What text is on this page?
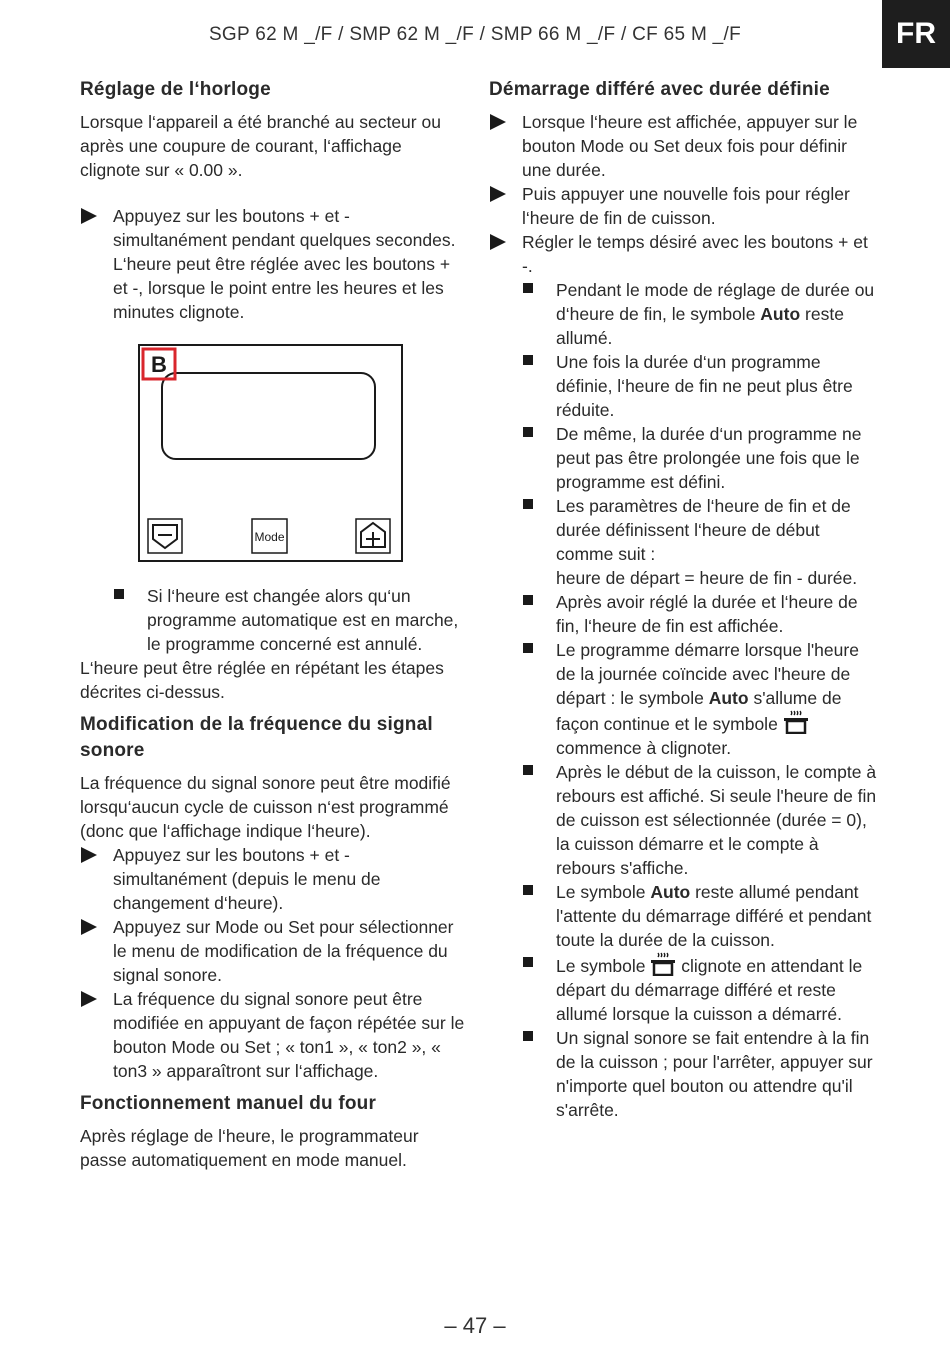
SGP 62 M _/F / SMP 62 M _/F / SMP 66 M _/F / CF 65 M _/F	FR
Réglage de l‘horloge

Lorsque l‘appareil a été branché au secteur ou après une coupure de courant, l‘affichage clignote sur « 0.00 ».

Appuyez sur les boutons + et - simultanément pendant quelques secondes. L‘heure peut être réglée avec les boutons + et -, lorsque le point entre les heures et les minutes clignote.
B
Mode
Si l‘heure est changée alors qu‘un programme automatique est en marche, le programme concerné est annulé.

L‘heure peut être réglée en répétant les étapes décrites ci-dessus.

Modification de la fréquence du signal sonore

La fréquence du signal sonore peut être modifié lorsqu‘aucun cycle de cuisson n‘est programmé (donc que l‘affichage indique l‘heure).

Appuyez sur les boutons + et - simultanément (depuis le menu de changement d‘heure).
Appuyez sur Mode ou Set pour sélectionner le menu de modification de la fréquence du signal sonore.
La fréquence du signal sonore peut être modifiée en appuyant de façon répétée sur le bouton Mode ou Set ; « ton1 », « ton2 », « ton3 » apparaîtront sur l‘affichage.
Fonctionnement manuel du four

Après réglage de l‘heure, le programmateur passe automatiquement en mode manuel.

Démarrage différé avec durée définie
Lorsque l‘heure est affichée, appuyer sur le bouton Mode ou Set deux fois pour définir une durée.
Puis appuyer une nouvelle fois pour régler l‘heure de fin de cuisson.
Régler le temps désiré avec les boutons + et -.
Pendant le mode de réglage de durée ou d‘heure de fin, le symbole Auto reste allumé.
Une fois la durée d‘un programme définie, l‘heure de fin ne peut plus être réduite.
De même, la durée d‘un programme ne peut pas être prolongée une fois que le programme est défini.
Les paramètres de l‘heure de fin et de durée définissent l‘heure de début comme suit :
heure de départ = heure de fin - durée.
Après avoir réglé la durée et l‘heure de fin, l‘heure de fin est affichée.
Le programme démarre lorsque l'heure de la journée coïncide avec l'heure de départ : le symbole Auto s'allume de façon continue et le symbole  commence à clignoter.
Après le début de la cuisson, le compte à rebours est affiché. Si seule l'heure de fin de cuisson est sélectionnée (durée = 0), la cuisson démarre et le compte à rebours s'affiche.
Le symbole Auto reste allumé pendant l'attente du démarrage différé et pendant toute la durée de la cuisson.
Le symbole clignote en attendant le départ du démarrage différé et reste allumé lorsque la cuisson a démarré.
Un signal sonore se fait entendre à la fin de la cuisson ; pour l'arrêter, appuyer sur n'importe quel bouton ou attendre qu'il s'arrête.
– 47 –
